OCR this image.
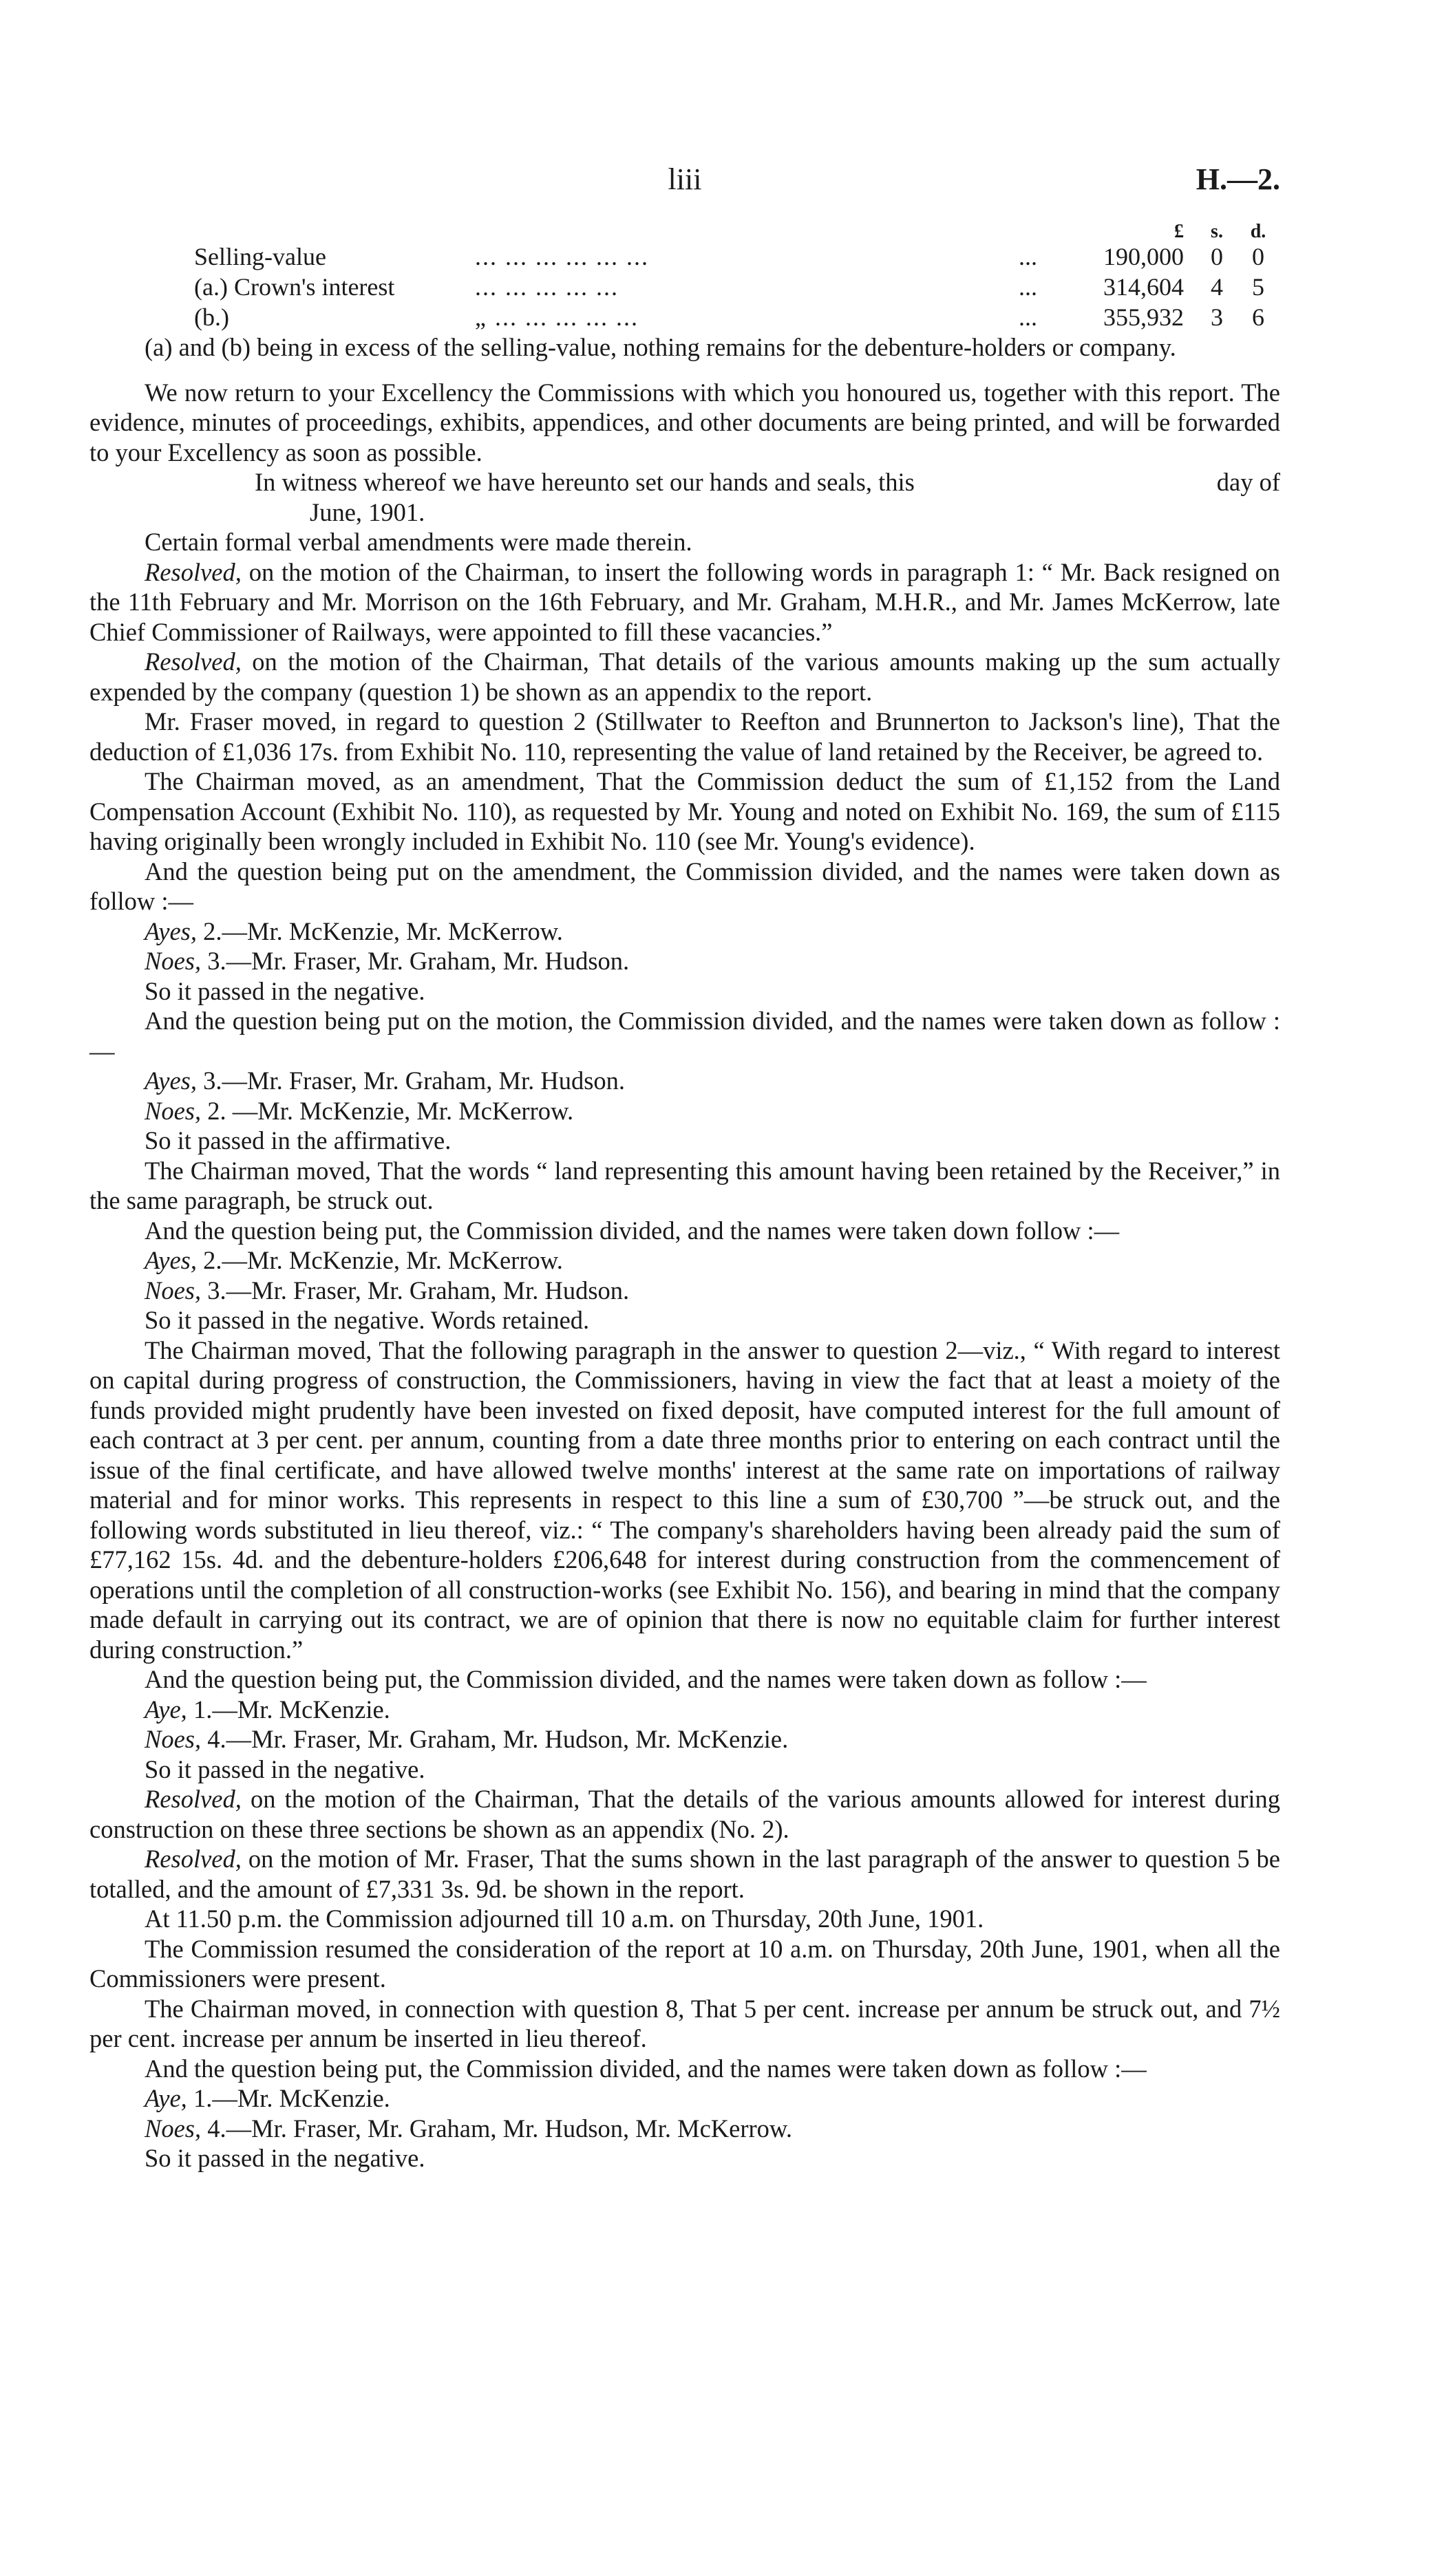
liii	H.—2.
£	s.	d.
Selling-value	... ... ... ... ... ...	...	190,000	0	0
(a.) Crown's interest	... ... ... ... ...	...	314,604	4	5
(b.)	„ ... ... ... ... ...	...	355,932	3	6

(a) and (b) being in excess of the selling-value, nothing remains for the debenture-holders or company.

We now return to your Excellency the Commissions with which you honoured us, together with this report. The evidence, minutes of proceedings, exhibits, appendices, and other documents are being printed, and will be forwarded to your Excellency as soon as possible.

In witness whereof we have hereunto set our hands and seals, this	day of

June, 1901.

Certain formal verbal amendments were made therein.

Resolved, on the motion of the Chairman, to insert the following words in paragraph 1: “ Mr. Back resigned on the 11th February and Mr. Morrison on the 16th February, and Mr. Graham, M.H.R., and Mr. James McKerrow, late Chief Commissioner of Railways, were appointed to fill these vacancies.”

Resolved, on the motion of the Chairman, That details of the various amounts making up the sum actually expended by the company (question 1) be shown as an appendix to the report.

Mr. Fraser moved, in regard to question 2 (Stillwater to Reefton and Brunnerton to Jackson's line), That the deduction of £1,036 17s. from Exhibit No. 110, representing the value of land retained by the Receiver, be agreed to.

The Chairman moved, as an amendment, That the Commission deduct the sum of £1,152 from the Land Compensation Account (Exhibit No. 110), as requested by Mr. Young and noted on Exhibit No. 169, the sum of £115 having originally been wrongly included in Exhibit No. 110 (see Mr. Young's evidence).

And the question being put on the amendment, the Commission divided, and the names were taken down as follow :—

Ayes, 2.—Mr. McKenzie, Mr. McKerrow.

Noes, 3.—Mr. Fraser, Mr. Graham, Mr. Hudson.

So it passed in the negative.

And the question being put on the motion, the Commission divided, and the names were taken down as follow :—

Ayes, 3.—Mr. Fraser, Mr. Graham, Mr. Hudson.

Noes, 2. —Mr. McKenzie, Mr. McKerrow.

So it passed in the affirmative.

The Chairman moved, That the words “ land representing this amount having been retained by the Receiver,” in the same paragraph, be struck out.

And the question being put, the Commission divided, and the names were taken down follow :—

Ayes, 2.—Mr. McKenzie, Mr. McKerrow.

Noes, 3.—Mr. Fraser, Mr. Graham, Mr. Hudson.

So it passed in the negative. Words retained.

The Chairman moved, That the following paragraph in the answer to question 2—viz., “ With regard to interest on capital during progress of construction, the Commissioners, having in view the fact that at least a moiety of the funds provided might prudently have been invested on fixed deposit, have computed interest for the full amount of each contract at 3 per cent. per annum, counting from a date three months prior to entering on each contract until the issue of the final certificate, and have allowed twelve months' interest at the same rate on importations of railway material and for minor works. This represents in respect to this line a sum of £30,700 ”—be struck out, and the following words substituted in lieu thereof, viz.: “ The company's shareholders having been already paid the sum of £77,162 15s. 4d. and the debenture-holders £206,648 for interest during construction from the commencement of operations until the completion of all construction-works (see Exhibit No. 156), and bearing in mind that the company made default in carrying out its contract, we are of opinion that there is now no equitable claim for further interest during construction.”

And the question being put, the Commission divided, and the names were taken down as follow :—

Aye, 1.—Mr. McKenzie.

Noes, 4.—Mr. Fraser, Mr. Graham, Mr. Hudson, Mr. McKenzie.

So it passed in the negative.

Resolved, on the motion of the Chairman, That the details of the various amounts allowed for interest during construction on these three sections be shown as an appendix (No. 2).

Resolved, on the motion of Mr. Fraser, That the sums shown in the last paragraph of the answer to question 5 be totalled, and the amount of £7,331 3s. 9d. be shown in the report.

At 11.50 p.m. the Commission adjourned till 10 a.m. on Thursday, 20th June, 1901.

The Commission resumed the consideration of the report at 10 a.m. on Thursday, 20th June, 1901, when all the Commissioners were present.

The Chairman moved, in connection with question 8, That 5 per cent. increase per annum be struck out, and 7½ per cent. increase per annum be inserted in lieu thereof.

And the question being put, the Commission divided, and the names were taken down as follow :—

Aye, 1.—Mr. McKenzie.

Noes, 4.—Mr. Fraser, Mr. Graham, Mr. Hudson, Mr. McKerrow.

So it passed in the negative.
